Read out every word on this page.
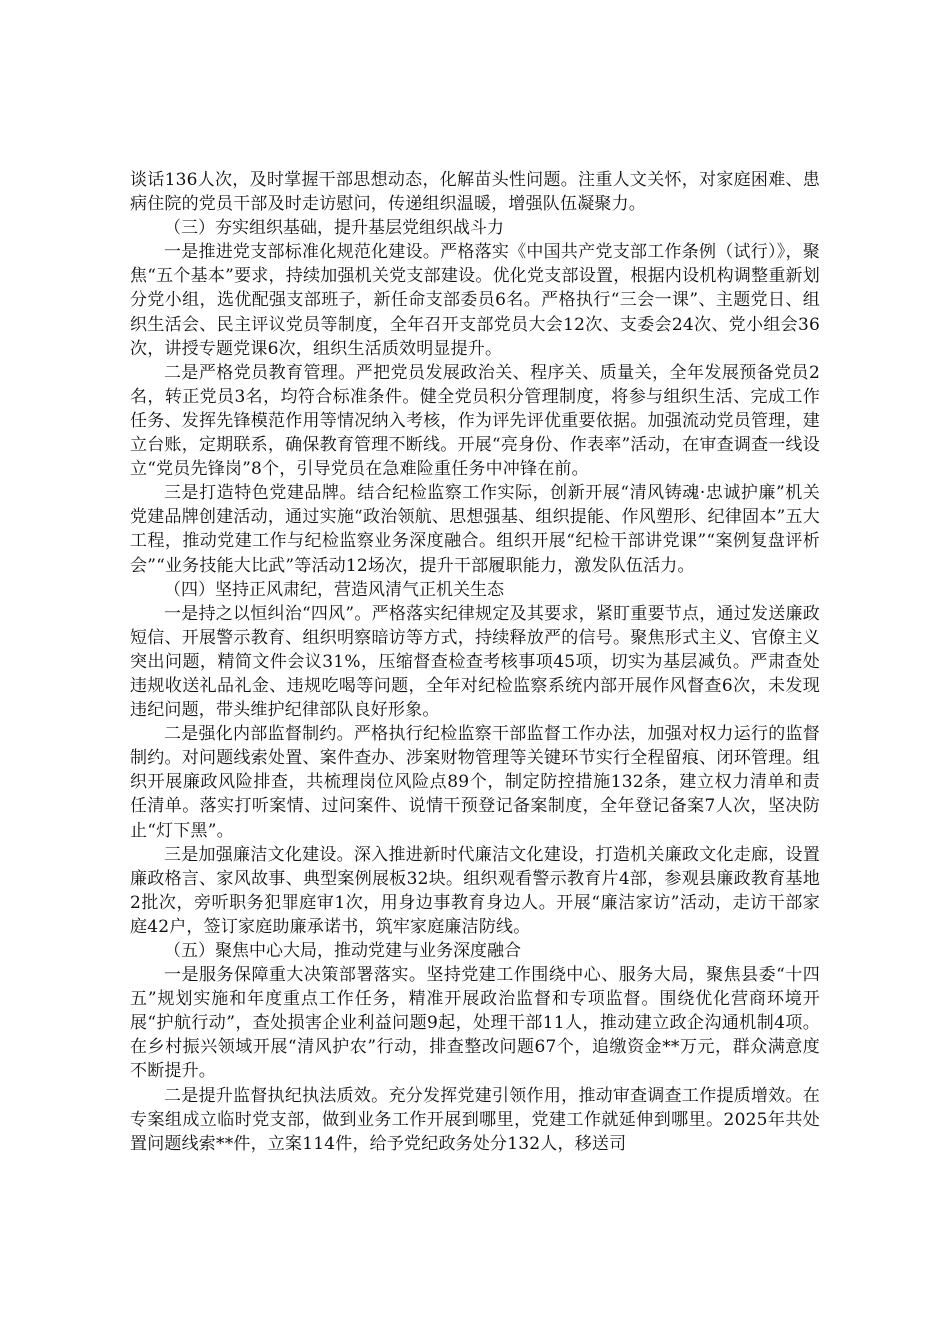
谈话136人次，及时掌握干部思想动态，化解苗头性问题。注重人文关怀，对家庭困难、患病住院的党员干部及时走访慰问，传递组织温暖，增强队伍凝聚力。

（三）夯实组织基础，提升基层党组织战斗力

一是推进党支部标准化规范化建设。严格落实《中国共产党支部工作条例（试行）》，聚焦“五个基本”要求，持续加强机关党支部建设。优化党支部设置，根据内设机构调整重新划分党小组，选优配强支部班子，新任命支部委员6名。严格执行“三会一课”、主题党日、组织生活会、民主评议党员等制度，全年召开支部党员大会12次、支委会24次、党小组会36次，讲授专题党课6次，组织生活质效明显提升。

二是严格党员教育管理。严把党员发展政治关、程序关、质量关，全年发展预备党员2名，转正党员3名，均符合标准条件。健全党员积分管理制度，将参与组织生活、完成工作任务、发挥先锋模范作用等情况纳入考核，作为评先评优重要依据。加强流动党员管理，建立台账，定期联系，确保教育管理不断线。开展“亮身份、作表率”活动，在审查调查一线设立“党员先锋岗”8个，引导党员在急难险重任务中冲锋在前。

三是打造特色党建品牌。结合纪检监察工作实际，创新开展“清风铸魂·忠诚护廉”机关党建品牌创建活动，通过实施“政治领航、思想强基、组织提能、作风塑形、纪律固本”五大工程，推动党建工作与纪检监察业务深度融合。组织开展“纪检干部讲党课”“案例复盘评析会”“业务技能大比武”等活动12场次，提升干部履职能力，激发队伍活力。

（四）坚持正风肃纪，营造风清气正机关生态

一是持之以恒纠治“四风”。严格落实纪律规定及其要求，紧盯重要节点，通过发送廉政短信、开展警示教育、组织明察暗访等方式，持续释放严的信号。聚焦形式主义、官僚主义突出问题，精简文件会议31%，压缩督查检查考核事项45项，切实为基层减负。严肃查处违规收送礼品礼金、违规吃喝等问题，全年对纪检监察系统内部开展作风督查6次，未发现违纪问题，带头维护纪律部队良好形象。

二是强化内部监督制约。严格执行纪检监察干部监督工作办法，加强对权力运行的监督制约。对问题线索处置、案件查办、涉案财物管理等关键环节实行全程留痕、闭环管理。组织开展廉政风险排查，共梳理岗位风险点89个，制定防控措施132条，建立权力清单和责任清单。落实打听案情、过问案件、说情干预登记备案制度，全年登记备案7人次，坚决防止“灯下黑”。

三是加强廉洁文化建设。深入推进新时代廉洁文化建设，打造机关廉政文化走廊，设置廉政格言、家风故事、典型案例展板32块。组织观看警示教育片4部，参观县廉政教育基地2批次，旁听职务犯罪庭审1次，用身边事教育身边人。开展“廉洁家访”活动，走访干部家庭42户，签订家庭助廉承诺书，筑牢家庭廉洁防线。

（五）聚焦中心大局，推动党建与业务深度融合

一是服务保障重大决策部署落实。坚持党建工作围绕中心、服务大局，聚焦县委“十四五”规划实施和年度重点工作任务，精准开展政治监督和专项监督。围绕优化营商环境开展“护航行动”，查处损害企业利益问题9起，处理干部11人，推动建立政企沟通机制4项。在乡村振兴领域开展“清风护农”行动，排查整改问题67个，追缴资金**万元，群众满意度不断提升。

二是提升监督执纪执法质效。充分发挥党建引领作用，推动审查调查工作提质增效。在专案组成立临时党支部，做到业务工作开展到哪里，党建工作就延伸到哪里。2025年共处置问题线索**件，立案114件，给予党纪政务处分132人，移送司
